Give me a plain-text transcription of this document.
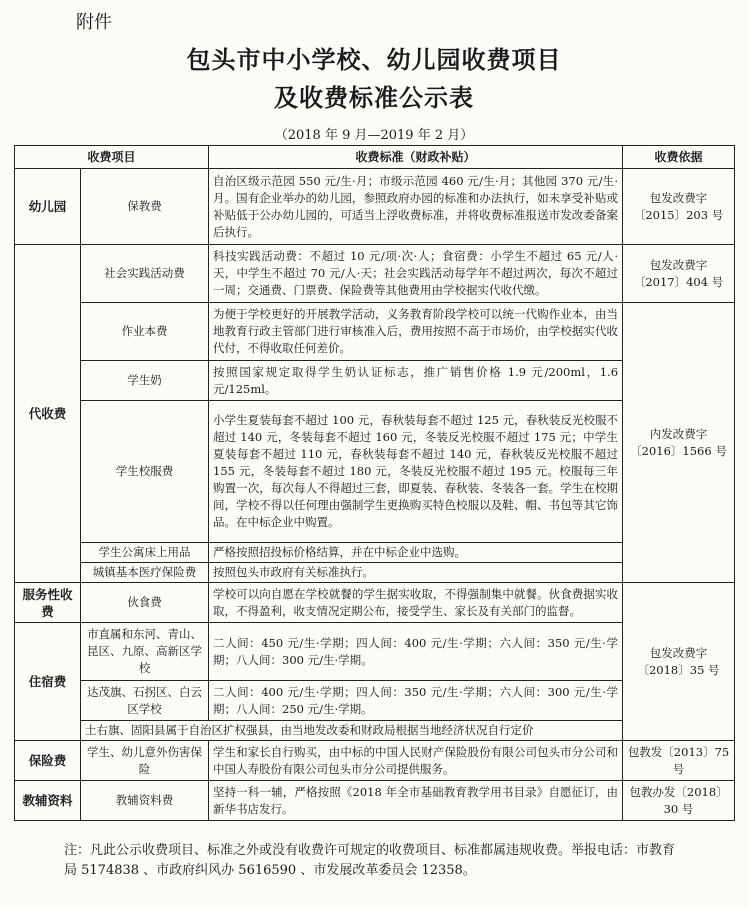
附件
包头市中小学校、幼儿园收费项目
及收费标准公示表
（2018 年 9 月—2019 年 2 月）
收费项目		收费标准（财政补贴）	收费依据
幼儿园	保教费	自治区级示范园 550 元/生·月；市级示范园 460 元/生·月；其他园 370 元/生·月。国有企业举办的幼儿园，参照政府办园的标准和办法执行，如未享受补贴或补贴低于公办幼儿园的，可适当上浮收费标准，并将收费标准报送市发改委备案后执行。	包发改费字〔2015〕203 号
代收费	社会实践活动费	科技实践活动费：不超过 10 元/项·次·人；食宿费：小学生不超过 65 元/人·天，中学生不超过 70 元/人·天；社会实践活动每学年不超过两次，每次不超过一周；交通费、门票费、保险费等其他费用由学校据实代收代缴。	包发改费字〔2017〕404 号
	作业本费	为便于学校更好的开展教学活动，义务教育阶段学校可以统一代购作业本，由当地教育行政主管部门进行审核准入后，费用按照不高于市场价，由学校据实代收代付，不得收取任何差价。	内发改费字〔2016〕1566 号
	学生奶	按照国家规定取得学生奶认证标志，推广销售价格 1.9 元/200ml，1.6 元/125ml。	
	学生校服费	小学生夏装每套不超过 100 元，春秋装每套不超过 125 元，春秋装反光校服不超过 140 元，冬装每套不超过 160 元，冬装反光校服不超过 175 元；中学生夏装每套不超过 110 元，春秋装每套不超过 140 元，春秋装反光校服不超过 155 元，冬装每套不超过 180 元，冬装反光校服不超过 195 元。校服每三年购置一次，每次每人不得超过三套，即夏装、春秋装、冬装各一套。学生在校期间，学校不得以任何理由强制学生更换购买特色校服以及鞋、帽、书包等其它饰品。在中标企业中购置。	
	学生公寓床上用品	严格按照招投标价格结算，并在中标企业中选购。	
	城镇基本医疗保险费	按照包头市政府有关标准执行。	
服务性收费	伙食费	学校可以向自愿在学校就餐的学生据实收取，不得强制集中就餐。伙食费据实收取，不得盈利，收支情况定期公布，接受学生、家长及有关部门的监督。	包发改费字〔2018〕35 号
住宿费	市直属和东河、青山、昆区、九原、高新区学校	二人间：450 元/生·学期；四人间：400 元/生·学期；六人间：350 元/生·学期；八人间：300 元/生·学期。	
	达茂旗、石拐区、白云区学校	二人间：400 元/生·学期；四人间：350 元/生·学期；六人间：300 元/生·学期；八人间：250 元/生·学期。	
	土右旗、固阳县属于自治区扩权强县，由当地发改委和财政局根据当地经济状况自行定价		
保险费	学生、幼儿意外伤害保险	学生和家长自行购买，由中标的中国人民财产保险股份有限公司包头市分公司和中国人寿股份有限公司包头市分公司提供服务。	包教发〔2013〕75 号
教辅资料	教辅资料费	坚持一科一辅，严格按照《2018 年全市基础教育教学用书目录》自愿征订，由新华书店发行。	包教办发〔2018〕30 号
注：凡此公示收费项目、标准之外或没有收费许可规定的收费项目、标准都属违规收费。举报电话：市教育局 5174838 、市政府纠风办 5616590 、市发展改革委员会 12358。
